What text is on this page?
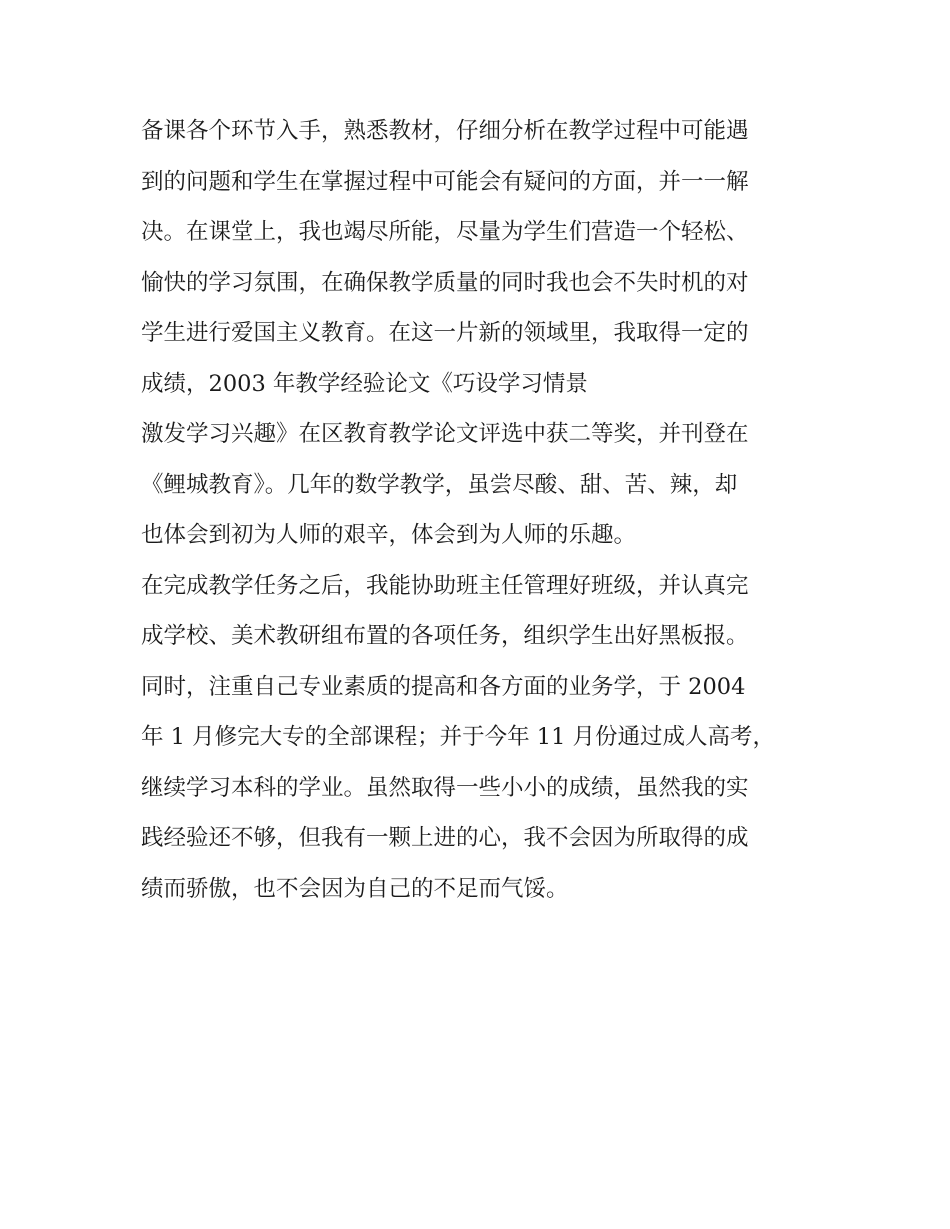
备课各个环节入手，熟悉教材，仔细分析在教学过程中可能遇
到的问题和学生在掌握过程中可能会有疑问的方面，并一一解
决。在课堂上，我也竭尽所能，尽量为学生们营造一个轻松、
愉快的学习氛围，在确保教学质量的同时我也会不失时机的对
学生进行爱国主义教育。在这一片新的领域里，我取得一定的
成绩，2003 年教学经验论文《巧设学习情景
激发学习兴趣》在区教育教学论文评选中获二等奖，并刊登在
《鲤城教育》。几年的数学教学，虽尝尽酸、甜、苦、辣，却
也体会到初为人师的艰辛，体会到为人师的乐趣。
在完成教学任务之后，我能协助班主任管理好班级，并认真完
成学校、美术教研组布置的各项任务，组织学生出好黑板报。
同时，注重自己专业素质的提高和各方面的业务学，于 2004
年 1 月修完大专的全部课程；并于今年 11 月份通过成人高考，
继续学习本科的学业。虽然取得一些小小的成绩，虽然我的实
践经验还不够，但我有一颗上进的心，我不会因为所取得的成
绩而骄傲，也不会因为自己的不足而气馁。
